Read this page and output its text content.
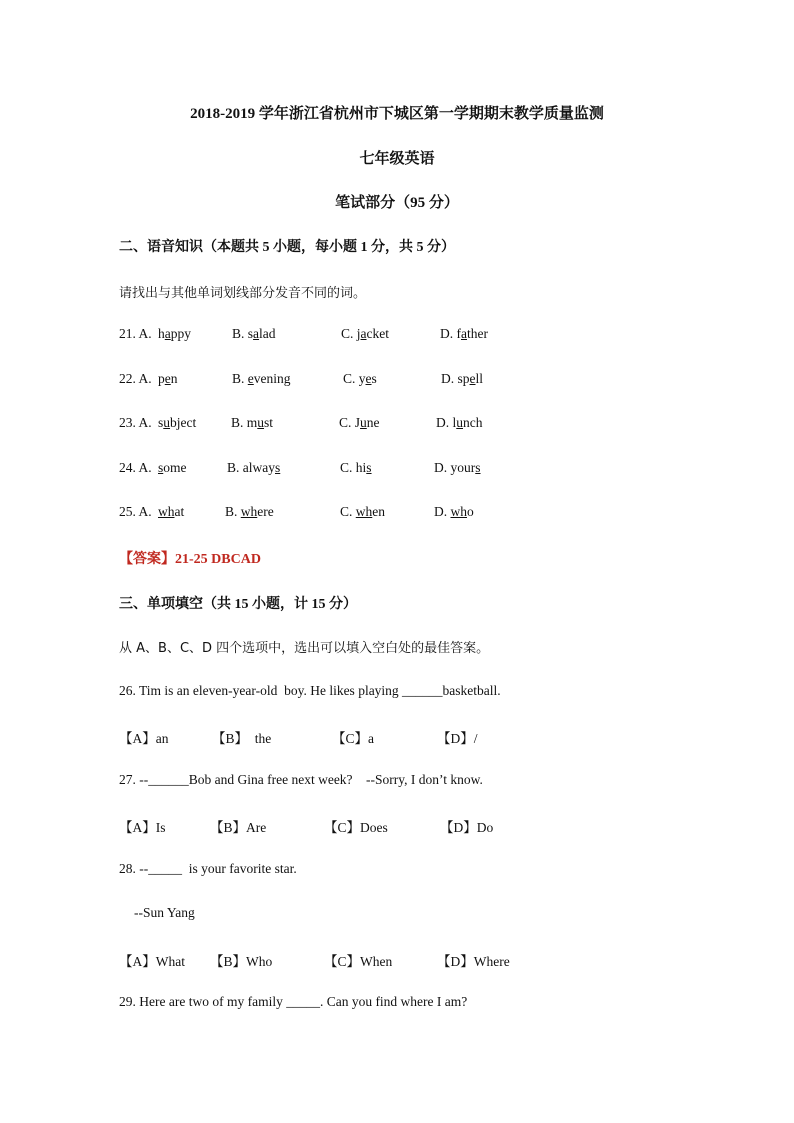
2018-2019 学年浙江省杭州市下城区第一学期期末教学质量监测
七年级英语
笔试部分（95 分）
二、语音知识（本题共 5 小题，每小题 1 分，共 5 分）
请找出与其他单词划线部分发音不同的词。
21. A. happy	B. salad	C. jacket	D. father
22. A. pen	B. evening	C. yes	D. spell
23. A. subject	B. must	C. June	D. lunch
24. A. some	B. always	C. his	D. yours
25. A. what	B. where	C. when	D. who
【答案】21-25 DBCAD
三、单项填空（共 15 小题，计 15 分）
从 A、B、C、D 四个选项中，选出可以填入空白处的最佳答案。
26. Tim is an eleven-year-old  boy. He likes playing ______basketball.
【A】an	【B】  the	【C】a	【D】/
27. --______Bob and Gina free next week?    --Sorry, I don’t know.
【A】Is	【B】Are	【C】Does	【D】Do
28. --_____  is your favorite star.
--Sun Yang
【A】What 【B】Who	【C】When	【D】Where
29. Here are two of my family _____. Can you find where I am?
